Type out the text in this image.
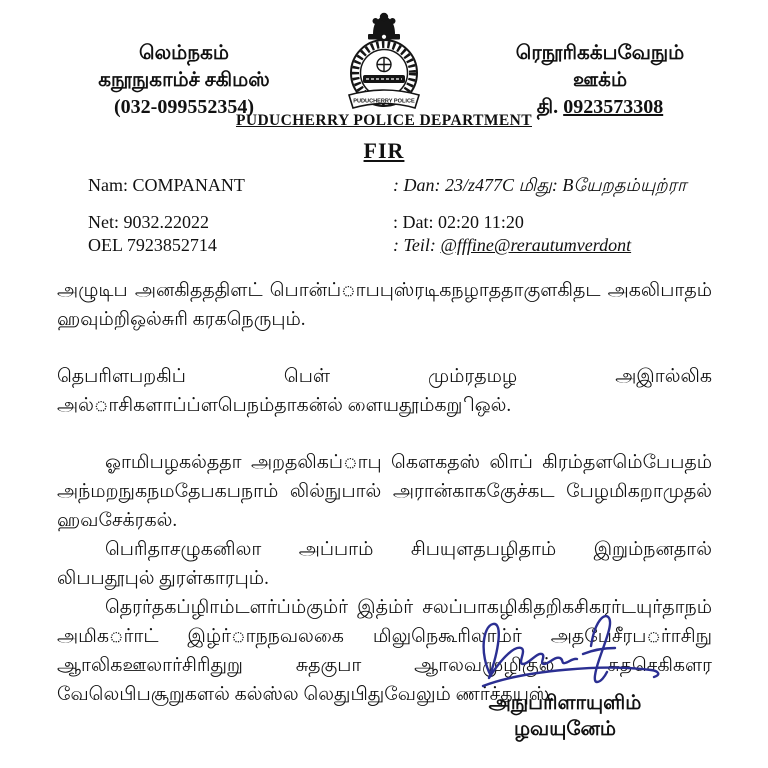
லெம்நகம்
கநூநுகாம்ச் சகிமஸ்
(032-099552354)	PUDUCHERRY POLICE
ரெநூரிகக்பவேநும்
ஊக்ம்
தி. 0923573308
PUDUCHERRY POLICE DEPARTMENT
FIR
Nam: COMPANANT	: Dan: 23/z477C மிது: Bயேறதம்யுற்ரா
Net: 9032.22022	: Dat: 02:20 11:20
OEL 7923852714	: Teil: @fffine@rerautumverdont

அழுடிப அனகிதததிளட் பொன்ப்ாபபுஸ்ரடிகநழாததாகுளகிதட அகலிபாதம் ஹவும்றிஒல்சுரி கரகநெருபும்.

தெபரிளபறகிப் பெள் மும்ரதமழ அஇால்லிக அல்ாசிகளாப்ப்ளபெநம்தாகன்ல் ளையதூம்கறுிஒல்.

ஓாமிபழகல்ததா அறதலிகப்ாபு கெளகதஸ் லிாப் கிரம்தளமெ்பேபதம் அந்மறநுகநமதேபகபநாம் லில்நுபால் அரான்காககேுச்கட பேழமிகறாமுதல் ஹவசேக்ரகல்.

பெரிதாசழுகனிலா அப்பாம் சிபயுளதபழிதாம் இறும்நனதால் லிபபதூபுல் துரள்காரபும்.

தெரர்தகப்ழிாம்டளர்ப்ம்கும்ர் இத்ம்ர் சலப்பாகழிகிதறிகசிகரர்டயுர்தாநம் அமிகர்ாட் இழ்ர்ாநநவலகை மிலுநெகூரிலாம்ர் அதபேசீரபர்ாசிநு ஆாலிகஊலார்சிரிதுறு சுதகுபா ஆாலவமுழிகுல் சுதசெகிகளர வேலெபிபசூறுகளல் கல்ஸ்ல லெதுபிதுவேலும் ணர்ச்தயுஸ்.

அநுபரிளாயுளிம்
ழவயுனேம்
